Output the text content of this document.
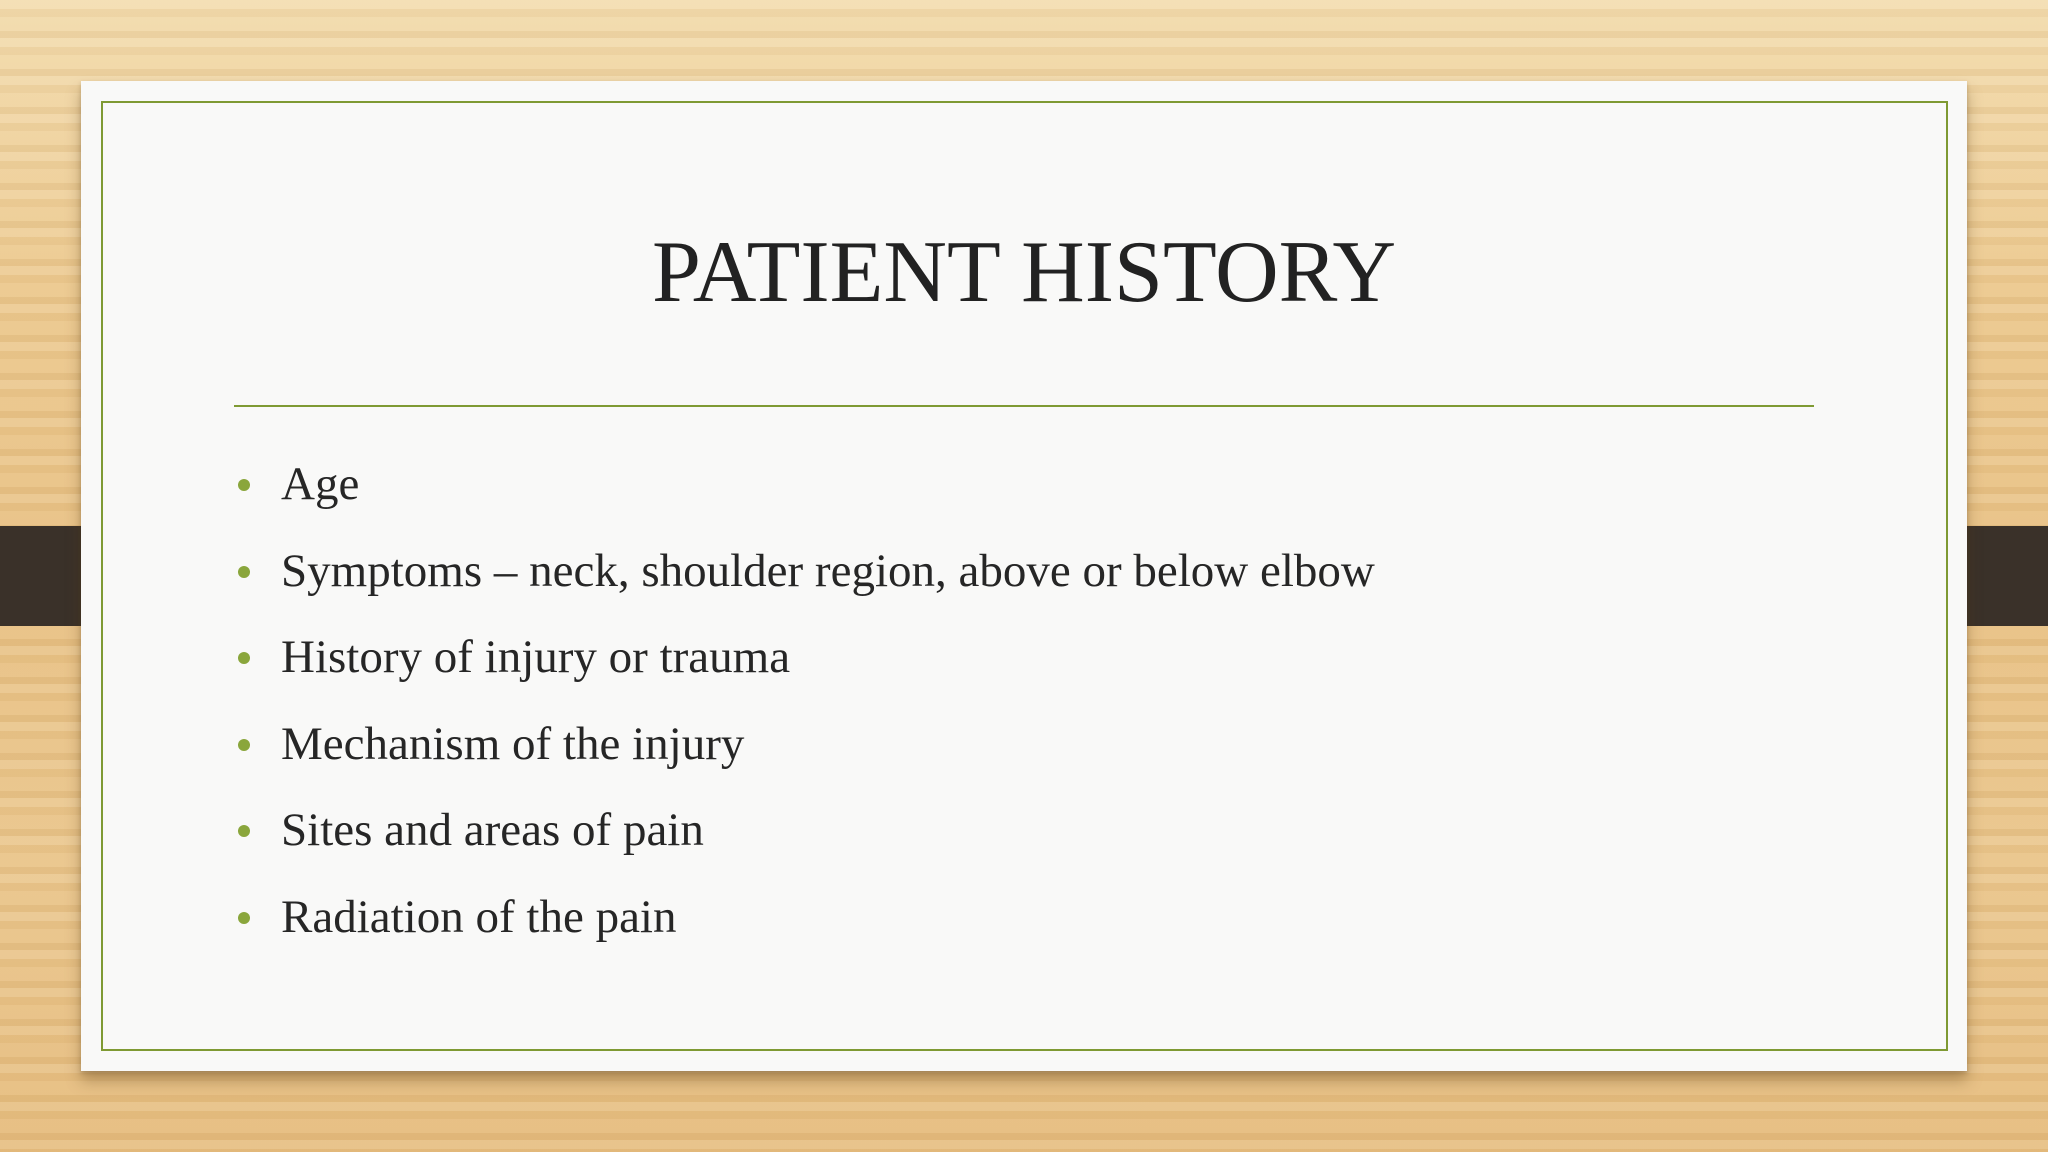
PATIENT HISTORY
Age
Symptoms – neck, shoulder region, above or below elbow
History of injury or trauma
Mechanism of the injury
Sites and areas of pain
Radiation of the pain
